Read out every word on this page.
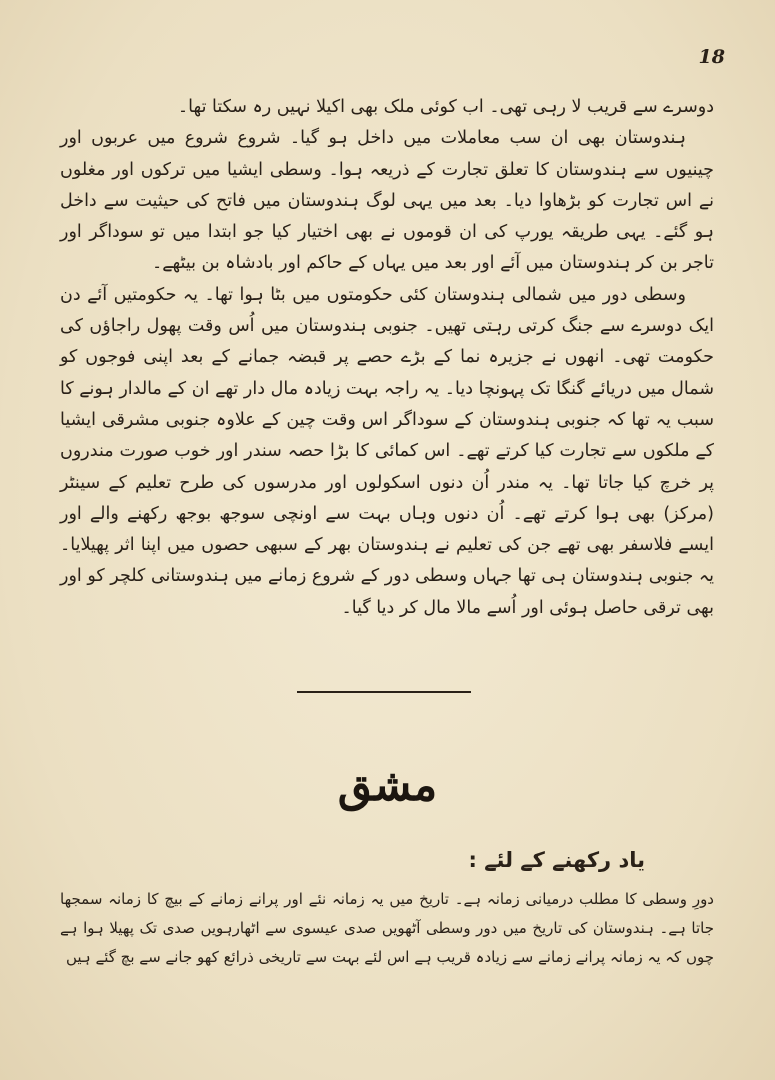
18

دوسرے سے قریب لا رہی تھی۔ اب کوئی ملک بھی اکیلا نہیں رہ سکتا تھا۔

ہندوستان بھی ان سب معاملات میں داخل ہو گیا۔ شروع شروع میں عربوں اور چینیوں سے ہندوستان کا تعلق تجارت کے ذریعہ ہوا۔ وسطی ایشیا میں ترکوں اور مغلوں نے اس تجارت کو بڑھاوا دیا۔ بعد میں یہی لوگ ہندوستان میں فاتح کی حیثیت سے داخل ہو گئے۔ یہی طریقہ یورپ کی ان قوموں نے بھی اختیار کیا جو ابتدا میں تو سوداگر اور تاجر بن کر ہندوستان میں آئے اور بعد میں یہاں کے حاکم اور بادشاہ بن بیٹھے۔

وسطی دور میں شمالی ہندوستان کئی حکومتوں میں بٹا ہوا تھا۔ یہ حکومتیں آئے دن ایک دوسرے سے جنگ کرتی رہتی تھیں۔ جنوبی ہندوستان میں اُس وقت پھول راجاؤں کی حکومت تھی۔ انھوں نے جزیرہ نما کے بڑے حصے پر قبضہ جمانے کے بعد اپنی فوجوں کو شمال میں دریائے گنگا تک پہونچا دیا۔ یہ راجہ بہت زیادہ مال دار تھے ان کے مالدار ہونے کا سبب یہ تھا کہ جنوبی ہندوستان کے سوداگر اس وقت چین کے علاوہ جنوبی مشرقی ایشیا کے ملکوں سے تجارت کیا کرتے تھے۔ اس کمائی کا بڑا حصہ سندر اور خوب صورت مندروں پر خرچ کیا جاتا تھا۔ یہ مندر اُن دنوں اسکولوں اور مدرسوں کی طرح تعلیم کے سینٹر (مرکز) بھی ہوا کرتے تھے۔ اُن دنوں وہاں بہت سے اونچی سوجھ بوجھ رکھنے والے اور ایسے فلاسفر بھی تھے جن کی تعلیم نے ہندوستان بھر کے سبھی حصوں میں اپنا اثر پھیلایا۔ یہ جنوبی ہندوستان ہی تھا جہاں وسطی دور کے شروع زمانے میں ہندوستانی کلچر کو اور بھی ترقی حاصل ہوئی اور اُسے مالا مال کر دیا گیا۔

مشق
یاد رکھنے کے لئے :

دورِ وسطی کا مطلب درمیانی زمانہ ہے۔ تاریخ میں یہ زمانہ نئے اور پرانے زمانے کے بیچ کا زمانہ سمجھا جاتا ہے۔ ہندوستان کی تاریخ میں دور وسطی آٹھویں صدی عیسوی سے اٹھارہویں صدی تک پھیلا ہوا ہے چوں کہ یہ زمانہ پرانے زمانے سے زیادہ قریب ہے اس لئے بہت سے تاریخی ذرائع کھو جانے سے بچ گئے ہیں
